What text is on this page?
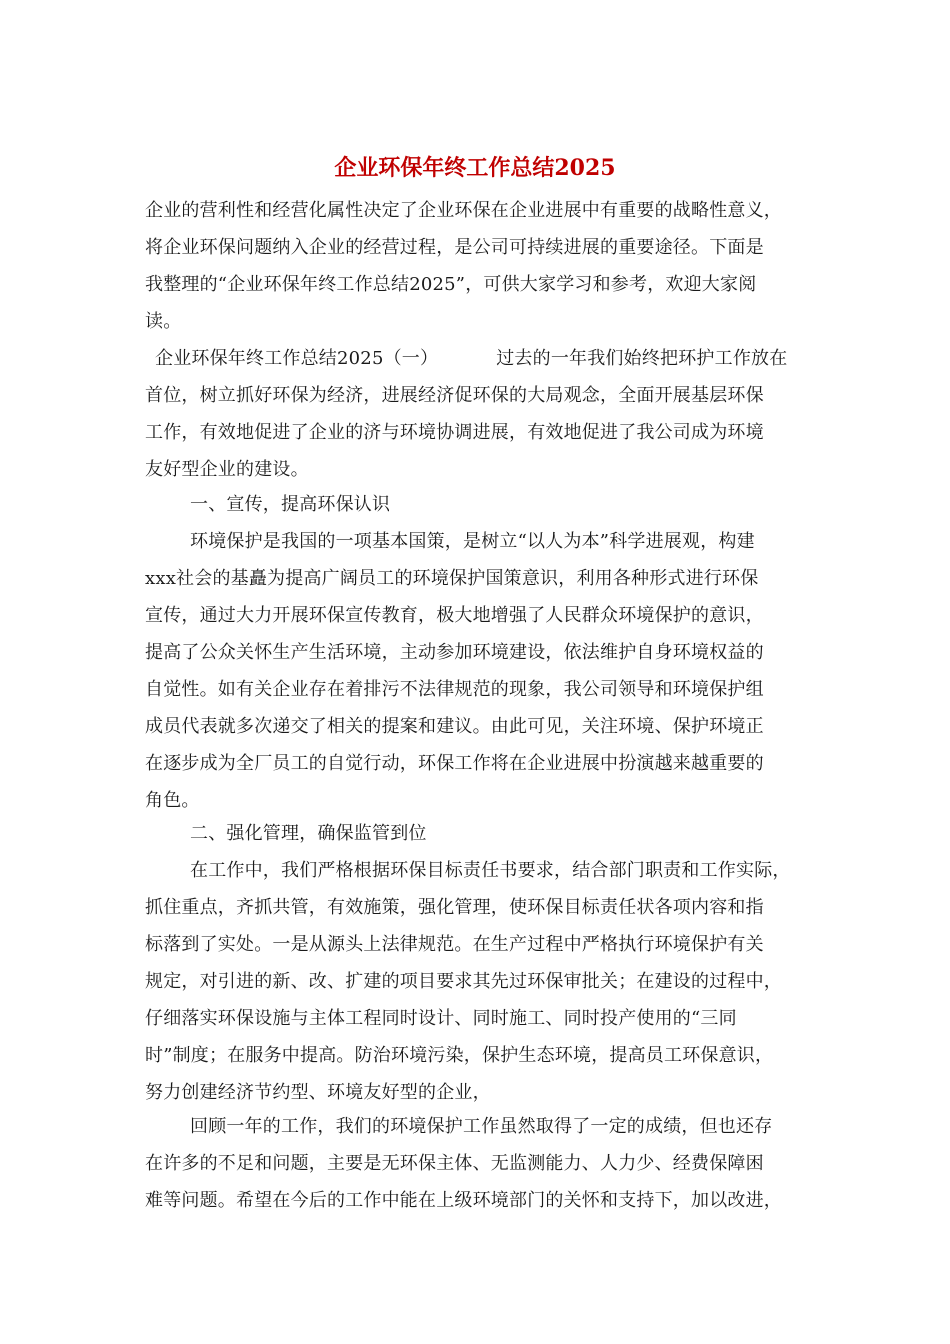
企业环保年终工作总结2025
企业的营利性和经营化属性决定了企业环保在企业进展中有重要的战略性意义，
将企业环保问题纳入企业的经营过程，是公司可持续进展的重要途径。下面是
我整理的“企业环保年终工作总结2025”，可供大家学习和参考，欢迎大家阅
读。
企业环保年终工作总结2025（一）	过去的一年我们始终把环护工作放在
首位，树立抓好环保为经济，进展经济促环保的大局观念，全面开展基层环保
工作，有效地促进了企业的济与环境协调进展，有效地促进了我公司成为环境
友好型企业的建设。
一、宣传，提高环保认识
环境保护是我国的一项基本国策，是树立“以人为本”科学进展观，构建
xxx社会的基矗为提高广阔员工的环境保护国策意识，利用各种形式进行环保
宣传，通过大力开展环保宣传教育，极大地增强了人民群众环境保护的意识，
提高了公众关怀生产生活环境，主动参加环境建设，依法维护自身环境权益的
自觉性。如有关企业存在着排污不法律规范的现象，我公司领导和环境保护组
成员代表就多次递交了相关的提案和建议。由此可见，关注环境、保护环境正
在逐步成为全厂员工的自觉行动，环保工作将在企业进展中扮演越来越重要的
角色。
二、强化管理，确保监管到位
在工作中，我们严格根据环保目标责任书要求，结合部门职责和工作实际，
抓住重点，齐抓共管，有效施策，强化管理，使环保目标责任状各项内容和指
标落到了实处。一是从源头上法律规范。在生产过程中严格执行环境保护有关
规定，对引进的新、改、扩建的项目要求其先过环保审批关；在建设的过程中，
仔细落实环保设施与主体工程同时设计、同时施工、同时投产使用的“三同
时”制度；在服务中提高。防治环境污染，保护生态环境，提高员工环保意识，
努力创建经济节约型、环境友好型的企业，
回顾一年的工作，我们的环境保护工作虽然取得了一定的成绩，但也还存
在许多的不足和问题，主要是无环保主体、无监测能力、人力少、经费保障困
难等问题。希望在今后的工作中能在上级环境部门的关怀和支持下，加以改进，
